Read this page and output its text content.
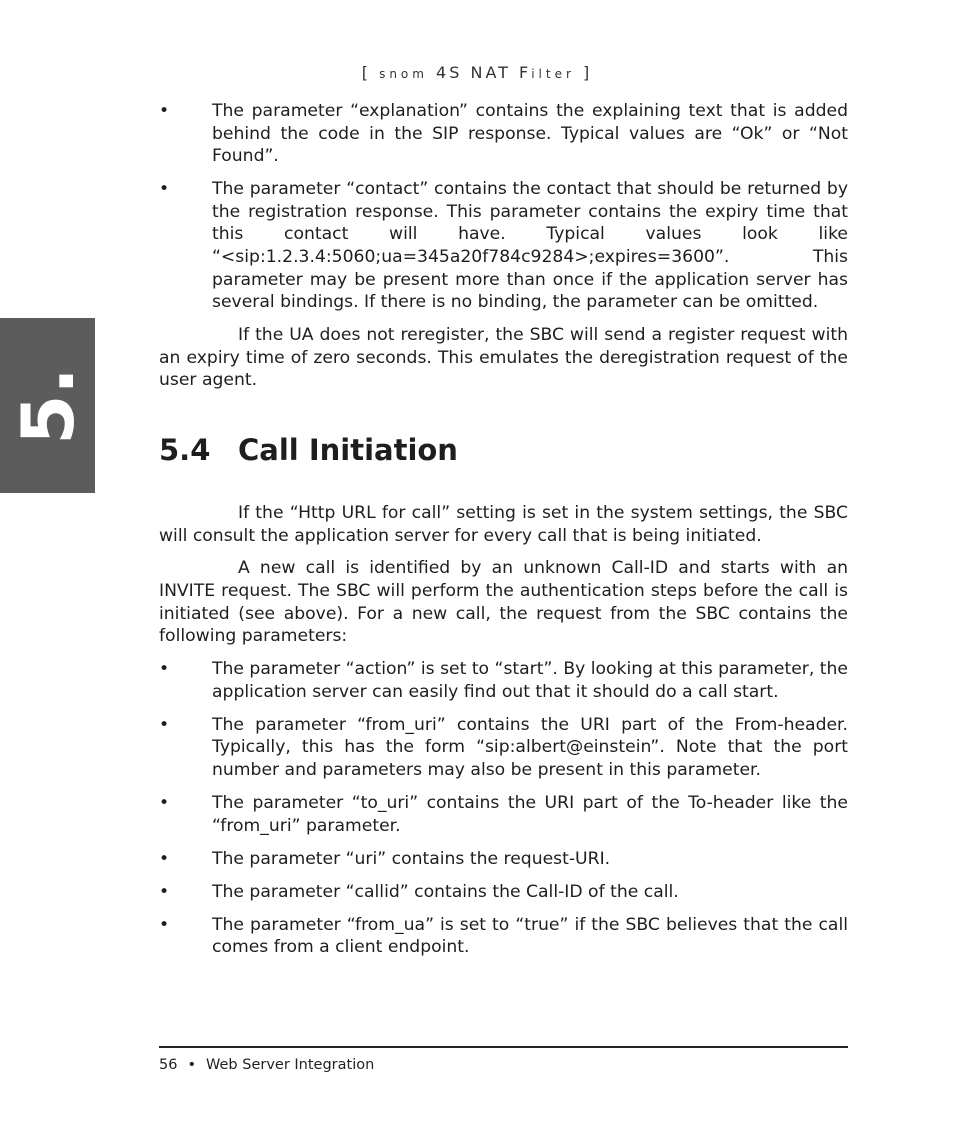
[ snom 4S NAT Filter ]
5.
• The parameter “explanation” contains the explaining text that is added behind the code in the SIP response. Typical values are “Ok” or “Not Found”.
• The parameter “contact” contains the contact that should be returned by the registration response. This parameter contains the expiry time that this contact will have. Typical values look like “<sip:1.2.3.4:5060;ua=345a20f784c9284>;expires=3600”. This parameter may be present more than once if the application server has several bindings. If there is no binding, the parameter can be omitted.

If the UA does not reregister, the SBC will send a register request with an expiry time of zero seconds. This emulates the deregistration request of the user agent.

5.4 Call Initiation

If the “Http URL for call” setting is set in the system settings, the SBC will consult the application server for every call that is being initiated.

A new call is identified by an unknown Call-ID and starts with an INVITE request. The SBC will perform the authentication steps before the call is initiated (see above). For a new call, the request from the SBC contains the following parameters:

• The parameter “action” is set to “start”. By looking at this parameter, the application server can easily find out that it should do a call start.
• The parameter “from_uri” contains the URI part of the From-header. Typically, this has the form “sip:albert@einstein”. Note that the port number and parameters may also be present in this parameter.
• The parameter “to_uri” contains the URI part of the To-header like the “from_uri” parameter.
• The parameter “uri” contains the request-URI.
• The parameter “callid” contains the Call-ID of the call.
• The parameter “from_ua” is set to “true” if the SBC believes that the call comes from a client endpoint.
56 • Web Server Integration
